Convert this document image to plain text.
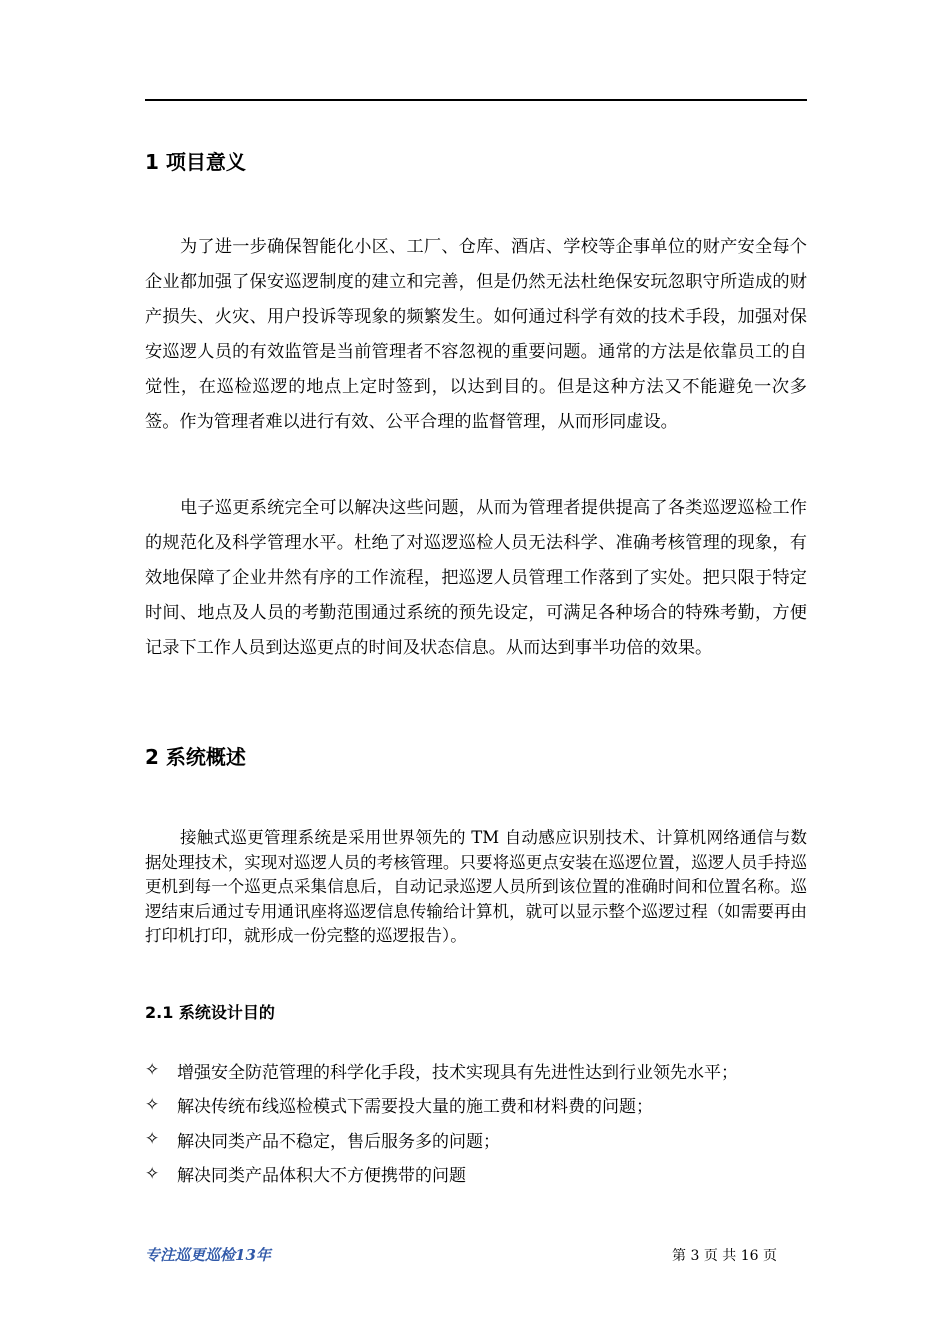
1 项目意义

为了进一步确保智能化小区、工厂、仓库、酒店、学校等企事单位的财产安全每个企业都加强了保安巡逻制度的建立和完善，但是仍然无法杜绝保安玩忽职守所造成的财产损失、火灾、用户投诉等现象的频繁发生。如何通过科学有效的技术手段，加强对保安巡逻人员的有效监管是当前管理者不容忽视的重要问题。通常的方法是依靠员工的自觉性，在巡检巡逻的地点上定时签到，以达到目的。但是这种方法又不能避免一次多签。作为管理者难以进行有效、公平合理的监督管理，从而形同虚设。

电子巡更系统完全可以解决这些问题，从而为管理者提供提高了各类巡逻巡检工作的规范化及科学管理水平。杜绝了对巡逻巡检人员无法科学、准确考核管理的现象，有效地保障了企业井然有序的工作流程，把巡逻人员管理工作落到了实处。把只限于特定时间、地点及人员的考勤范围通过系统的预先设定，可满足各种场合的特殊考勤，方便记录下工作人员到达巡更点的时间及状态信息。从而达到事半功倍的效果。

2 系统概述

接触式巡更管理系统是采用世界领先的 TM 自动感应识别技术、计算机网络通信与数据处理技术，实现对巡逻人员的考核管理。只要将巡更点安装在巡逻位置，巡逻人员手持巡更机到每一个巡更点采集信息后，自动记录巡逻人员所到该位置的准确时间和位置名称。巡逻结束后通过专用通讯座将巡逻信息传输给计算机，就可以显示整个巡逻过程（如需要再由打印机打印，就形成一份完整的巡逻报告）。

2.1 系统设计目的
✧	增强安全防范管理的科学化手段，技术实现具有先进性达到行业领先水平；
✧	解决传统布线巡检模式下需要投大量的施工费和材料费的问题；
✧	解决同类产品不稳定，售后服务多的问题；
✧	解决同类产品体积大不方便携带的问题
专注巡更巡检13年	第 3 页 共 16 页
